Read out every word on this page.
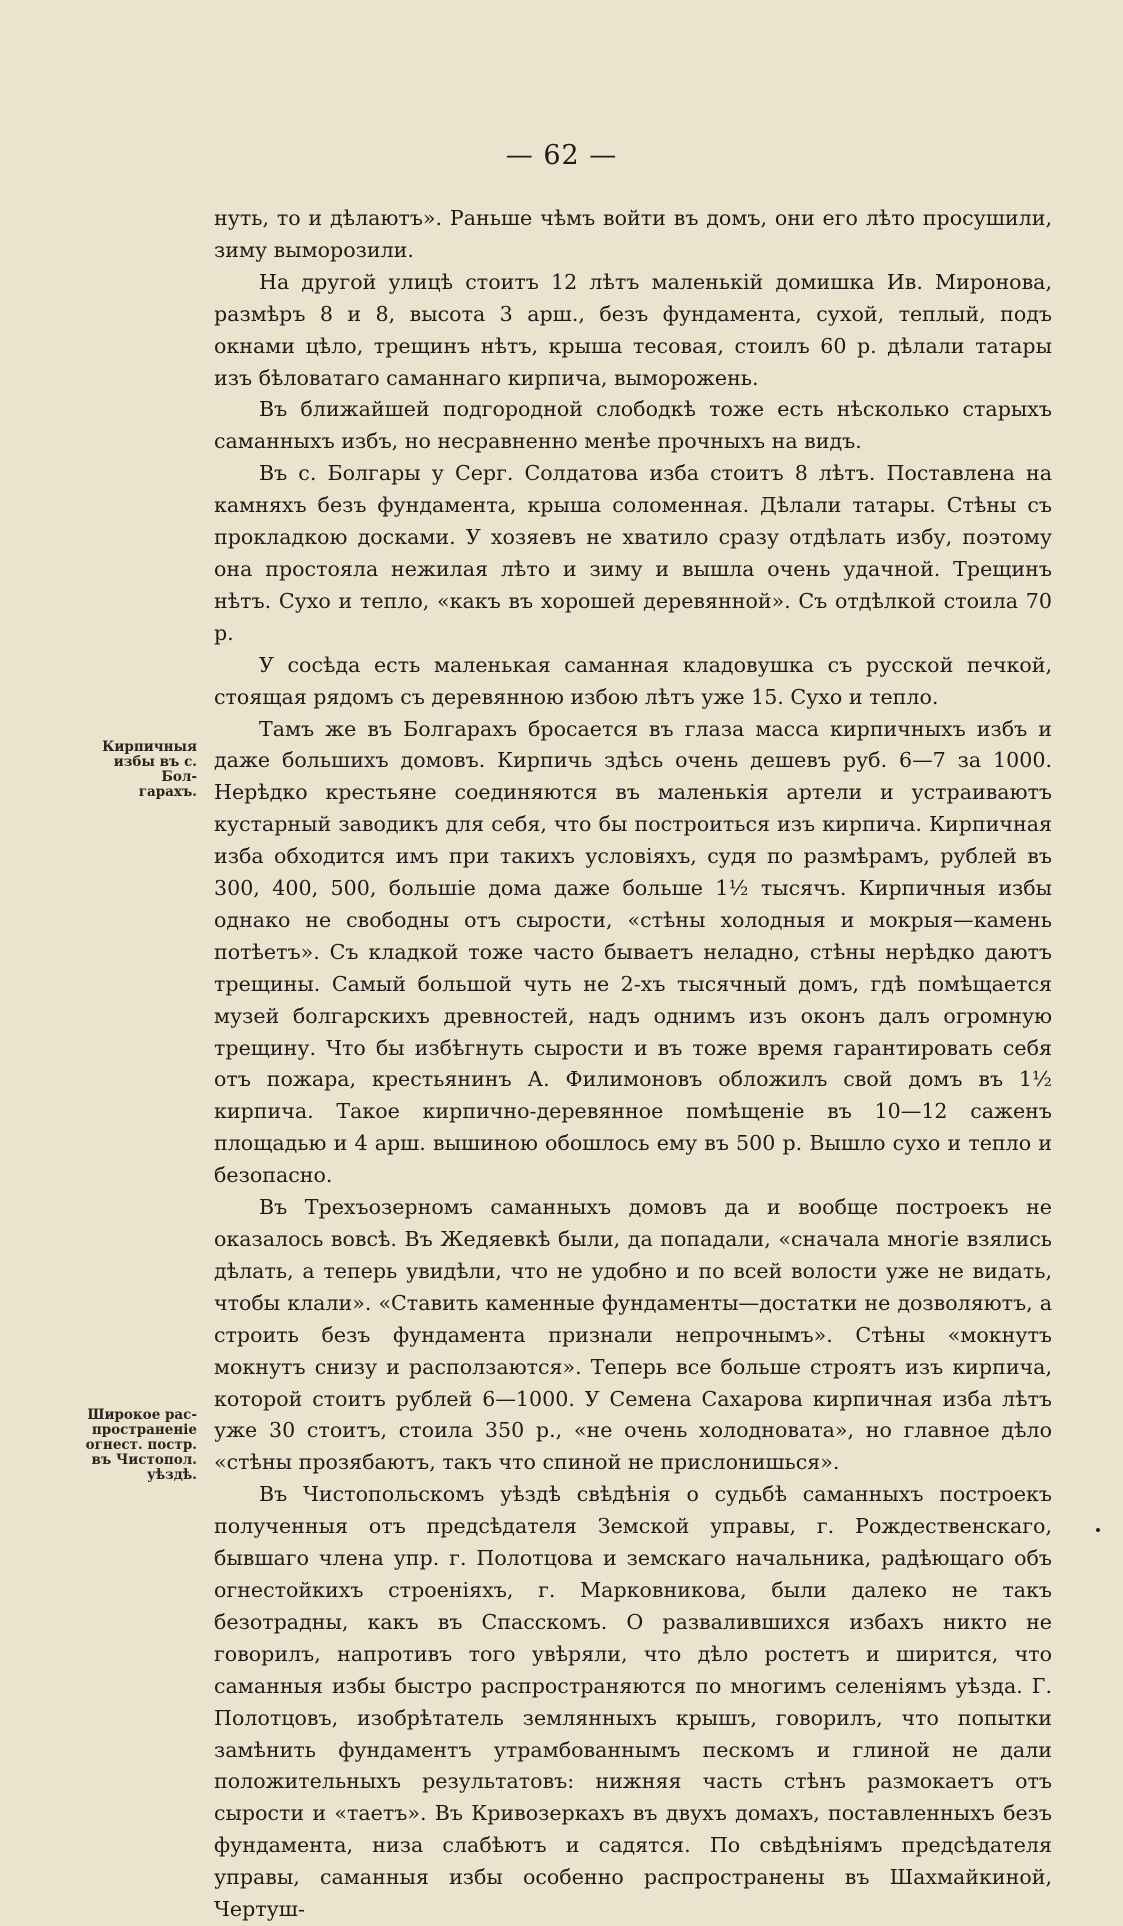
— 62 —
Кирпичныя
избы въ с. Бол-
гарахъ.
Широкое рас-
пространеніе
огнест. постр.
въ Чистопол.
уѣздѣ.

нуть, то и дѣлаютъ». Раньше чѣмъ войти въ домъ, они его лѣто просушили, зиму выморозили.

На другой улицѣ стоитъ 12 лѣтъ маленькій домишка Ив. Миронова, размѣръ 8 и 8, высота 3 арш., безъ фундамента, сухой, теплый, подъ окнами цѣло, трещинъ нѣтъ, крыша тесовая, стоилъ 60 р. дѣлали татары изъ бѣловатаго саманнаго кирпича, выморожень.

Въ ближайшей подгородной слободкѣ тоже есть нѣсколько старыхъ саманныхъ избъ, но несравненно менѣе прочныхъ на видъ.

Въ с. Болгары у Серг. Солдатова изба стоитъ 8 лѣтъ. Поставлена на камняхъ безъ фундамента, крыша соломенная. Дѣлали татары. Стѣны съ прокладкою досками. У хозяевъ не хватило сразу отдѣлать избу, поэтому она простояла нежилая лѣто и зиму и вышла очень удачной. Трещинъ нѣтъ. Сухо и тепло, «какъ въ хорошей деревянной». Съ отдѣлкой стоила 70 р.

У сосѣда есть маленькая саманная кладовушка съ русской печкой, стоящая рядомъ съ деревянною избою лѣтъ уже 15. Сухо и тепло.

Тамъ же въ Болгарахъ бросается въ глаза масса кирпичныхъ избъ и даже большихъ домовъ. Кирпичь здѣсь очень дешевъ руб. 6—7 за 1000. Нерѣдко крестьяне соединяются въ маленькія артели и устраиваютъ кустарный заводикъ для себя, что бы построиться изъ кирпича. Кирпичная изба обходится имъ при такихъ условіяхъ, судя по размѣрамъ, рублей въ 300, 400, 500, большіе дома даже больше 1½ тысячъ. Кирпичныя избы однако не свободны отъ сырости, «стѣны холодныя и мокрыя—камень потѣетъ». Съ кладкой тоже часто бываетъ неладно, стѣны нерѣдко даютъ трещины. Самый большой чуть не 2-хъ тысячный домъ, гдѣ помѣщается музей болгарскихъ древностей, надъ однимъ изъ оконъ далъ огромную трещину. Что бы избѣгнуть сырости и въ тоже время гарантировать себя отъ пожара, крестьянинъ А. Филимоновъ обложилъ свой домъ въ 1½ кирпича. Такое кирпично-деревянное помѣщеніе въ 10—12 саженъ площадью и 4 арш. вышиною обошлось ему въ 500 р. Вышло сухо и тепло и безопасно.

Въ Трехъозерномъ саманныхъ домовъ да и вообще построекъ не оказалось вовсѣ. Въ Жедяевкѣ были, да попадали, «сначала многіе взялись дѣлать, а теперь увидѣли, что не удобно и по всей волости уже не видать, чтобы клали». «Ставить каменные фундаменты—достатки не дозволяютъ, а строить безъ фундамента признали непрочнымъ». Стѣны «мокнутъ мокнутъ снизу и расползаются». Теперь все больше строятъ изъ кирпича, которой стоитъ рублей 6—1000. У Семена Сахарова кирпичная изба лѣтъ уже 30 стоитъ, стоила 350 р., «не очень холодновата», но главное дѣло «стѣны прозябаютъ, такъ что спиной не прислонишься».

Въ Чистопольскомъ уѣздѣ свѣдѣнія о судьбѣ саманныхъ построекъ полученныя отъ предсѣдателя Земской управы, г. Рождественскаго, бывшаго члена упр. г. Полотцова и земскаго начальника, радѣющаго объ огнестойкихъ строеніяхъ, г. Марковникова, были далеко не такъ безотрадны, какъ въ Спасскомъ. О развалившихся избахъ никто не говорилъ, напротивъ того увѣряли, что дѣло ростетъ и ширится, что саманныя избы быстро распространяются по многимъ селеніямъ уѣзда. Г. Полотцовъ, изобрѣтатель землянныхъ крышъ, говорилъ, что попытки замѣнить фундаментъ утрамбованнымъ пескомъ и глиной не дали положительныхъ результатовъ: нижняя часть стѣнъ размокаетъ отъ сырости и «таетъ». Въ Кривозеркахъ въ двухъ домахъ, поставленныхъ безъ фундамента, низа слабѣютъ и садятся. По свѣдѣніямъ предсѣдателя управы, саманныя избы особенно распространены въ Шахмайкиной, Чертуш-
